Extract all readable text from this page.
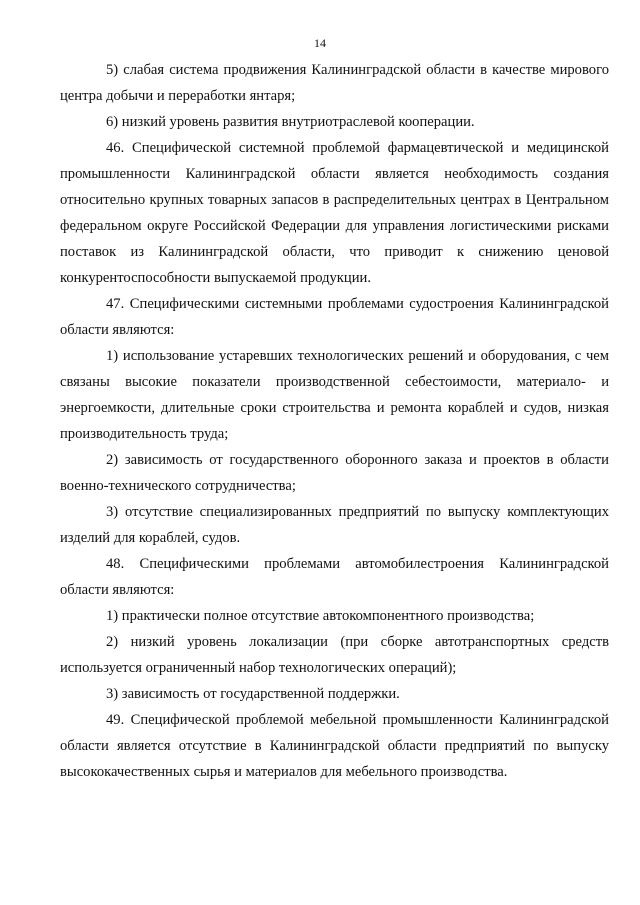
14

5) слабая система продвижения Калининградской области в качестве мирового центра добычи и переработки янтаря;

6) низкий уровень развития внутриотраслевой кооперации.

46. Специфической системной проблемой фармацевтической и медицинской промышленности Калининградской области является необходимость создания относительно крупных товарных запасов в распределительных центрах в Центральном федеральном округе Российской Федерации для управления логистическими рисками поставок из Калининградской области, что приводит к снижению ценовой конкурентоспособности выпускаемой продукции.

47. Специфическими системными проблемами судостроения Калининградской области являются:

1) использование устаревших технологических решений и оборудования, с чем связаны высокие показатели производственной себестоимости, материало- и энергоемкости, длительные сроки строительства и ремонта кораблей и судов, низкая производительность труда;

2) зависимость от государственного оборонного заказа и проектов в области военно-технического сотрудничества;

3) отсутствие специализированных предприятий по выпуску комплектующих изделий для кораблей, судов.

48. Специфическими проблемами автомобилестроения Калининградской области являются:

1) практически полное отсутствие автокомпонентного производства;

2) низкий уровень локализации (при сборке автотранспортных средств используется ограниченный набор технологических операций);

3) зависимость от государственной поддержки.

49. Специфической проблемой мебельной промышленности Калининградской области является отсутствие в Калининградской области предприятий по выпуску высококачественных сырья и материалов для мебельного производства.
